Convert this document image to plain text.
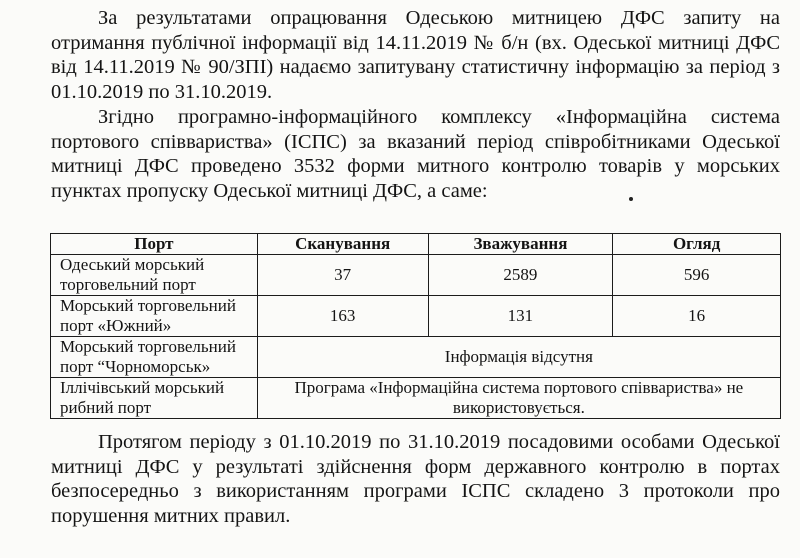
За результатами опрацювання Одеською митницею ДФС запиту на отримання публічної інформації від 14.11.2019 № б/н (вх. Одеської митниці ДФС від 14.11.2019 № 90/ЗПІ) надаємо запитувану статистичну інформацію за період з 01.10.2019 по 31.10.2019.

Згідно програмно-інформаційного комплексу «Інформаційна система портового співвариства» (ІСПС) за вказаний період співробітниками Одеської митниці ДФС проведено 3532 форми митного контролю товарів у морських пунктах пропуску Одеської митниці ДФС, а саме:

Порт	Сканування	Зважування	Огляд
Одеський морський торговельний порт	37	2589	596
Морський торговельний порт «Южний»	163	131	16
Морський торговельний порт “Чорноморськ»	Інформація відсутня		
Іллічівський морський рибний порт	Програма «Інформаційна система портового співвариства» не використовується.		

Протягом періоду з 01.10.2019 по 31.10.2019 посадовими особами Одеської митниці ДФС у результаті здійснення форм державного контролю в портах безпосередньо з використанням програми ІСПС складено 3 протоколи про порушення митних правил.
